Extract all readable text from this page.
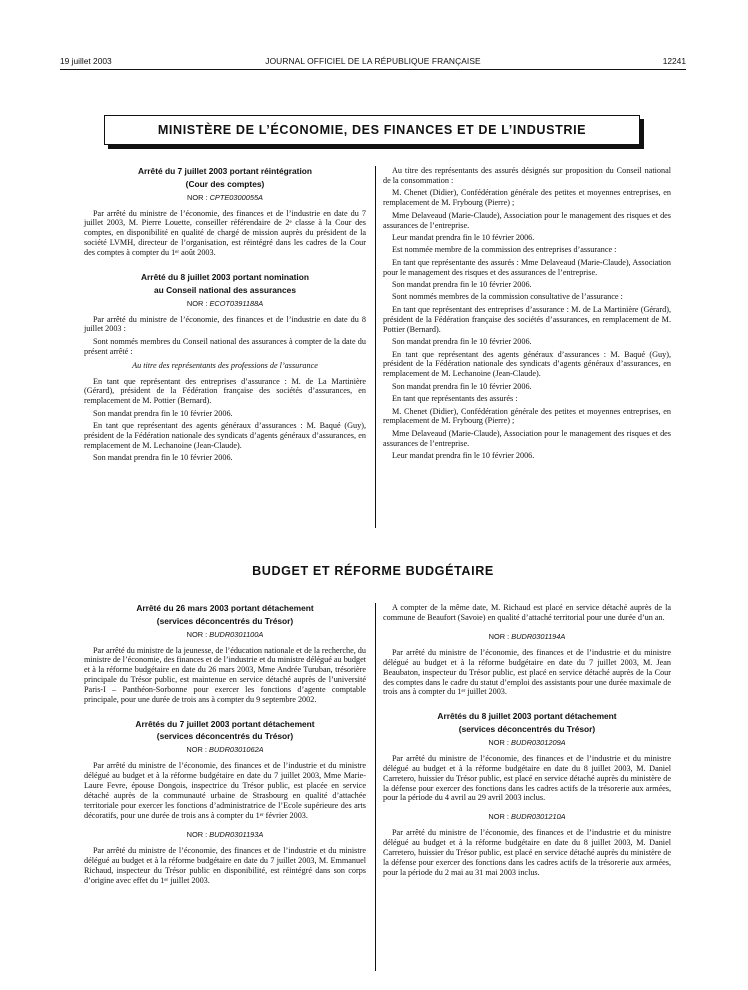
19 juillet 2003	JOURNAL OFFICIEL DE LA RÉPUBLIQUE FRANÇAISE	12241
MINISTÈRE DE L’ÉCONOMIE, DES FINANCES ET DE L’INDUSTRIE

Arrêté du 7 juillet 2003 portant réintégration

(Cour des comptes)

NOR : CPTE0300055A

Par arrêté du ministre de l’économie, des finances et de l’industrie en date du 7 juillet 2003, M. Pierre Louette, conseiller référendaire de 2ᵉ classe à la Cour des comptes, en disponibilité en qualité de chargé de mission auprès du président de la société LVMH, directeur de l’organisation, est réintégré dans les cadres de la Cour des comptes à compter du 1ᵉʳ août 2003.

Arrêté du 8 juillet 2003 portant nomination

au Conseil national des assurances

NOR : ECOT0391188A

Par arrêté du ministre de l’économie, des finances et de l’industrie en date du 8 juillet 2003 :

Sont nommés membres du Conseil national des assurances à compter de la date du présent arrêté :

Au titre des représentants des professions de l’assurance

En tant que représentant des entreprises d’assurance : M. de La Martinière (Gérard), président de la Fédération française des sociétés d’assurances, en remplacement de M. Pottier (Bernard).

Son mandat prendra fin le 10 février 2006.

En tant que représentant des agents généraux d’assurances : M. Baqué (Guy), président de la Fédération nationale des syndicats d’agents généraux d’assurances, en remplacement de M. Lechanoine (Jean-Claude).

Son mandat prendra fin le 10 février 2006.

Au titre des représentants des assurés désignés sur proposition du Conseil national de la consommation :

M. Chenet (Didier), Confédération générale des petites et moyennes entreprises, en remplacement de M. Frybourg (Pierre) ;

Mme Delaveaud (Marie-Claude), Association pour le management des risques et des assurances de l’entreprise.

Leur mandat prendra fin le 10 février 2006.

Est nommée membre de la commission des entreprises d’assurance :

En tant que représentante des assurés : Mme Delaveaud (Marie-Claude), Association pour le management des risques et des assurances de l’entreprise.

Son mandat prendra fin le 10 février 2006.

Sont nommés membres de la commission consultative de l’assurance :

En tant que représentant des entreprises d’assurance : M. de La Martinière (Gérard), président de la Fédération française des sociétés d’assurances, en remplacement de M. Pottier (Bernard).

Son mandat prendra fin le 10 février 2006.

En tant que représentant des agents généraux d’assurances : M. Baqué (Guy), président de la Fédération nationale des syndicats d’agents généraux d’assurances, en remplacement de M. Lechanoine (Jean-Claude).

Son mandat prendra fin le 10 février 2006.

En tant que représentants des assurés :

M. Chenet (Didier), Confédération générale des petites et moyennes entreprises, en remplacement de M. Frybourg (Pierre) ;

Mme Delaveaud (Marie-Claude), Association pour le management des risques et des assurances de l’entreprise.

Leur mandat prendra fin le 10 février 2006.

BUDGET ET RÉFORME BUDGÉTAIRE

Arrêté du 26 mars 2003 portant détachement

(services déconcentrés du Trésor)

NOR : BUDR0301100A

Par arrêté du ministre de la jeunesse, de l’éducation nationale et de la recherche, du ministre de l’économie, des finances et de l’industrie et du ministre délégué au budget et à la réforme budgétaire en date du 26 mars 2003, Mme Andrée Turuban, trésorière principale du Trésor public, est maintenue en service détaché auprès de l’université Paris-I – Panthéon-Sorbonne pour exercer les fonctions d’agente comptable principale, pour une durée de trois ans à compter du 9 septembre 2002.

Arrêtés du 7 juillet 2003 portant détachement

(services déconcentrés du Trésor)

NOR : BUDR0301062A

Par arrêté du ministre de l’économie, des finances et de l’industrie et du ministre délégué au budget et à la réforme budgétaire en date du 7 juillet 2003, Mme Marie-Laure Fevre, épouse Dongois, inspectrice du Trésor public, est placée en service détaché auprès de la communauté urbaine de Strasbourg en qualité d’attachée territoriale pour exercer les fonctions d’administratrice de l’Ecole supérieure des arts décoratifs, pour une durée de trois ans à compter du 1ᵉʳ février 2003.

NOR : BUDR0301193A

Par arrêté du ministre de l’économie, des finances et de l’industrie et du ministre délégué au budget et à la réforme budgétaire en date du 7 juillet 2003, M. Emmanuel Richaud, inspecteur du Trésor public en disponibilité, est réintégré dans son corps d’origine avec effet du 1ᵉʳ juillet 2003.

A compter de la même date, M. Richaud est placé en service détaché auprès de la commune de Beaufort (Savoie) en qualité d’attaché territorial pour une durée d’un an.

NOR : BUDR0301194A

Par arrêté du ministre de l’économie, des finances et de l’industrie et du ministre délégué au budget et à la réforme budgétaire en date du 7 juillet 2003, M. Jean Beaubaton, inspecteur du Trésor public, est placé en service détaché auprès de la Cour des comptes dans le cadre du statut d’emploi des assistants pour une durée maximale de trois ans à compter du 1ᵉʳ juillet 2003.

Arrêtés du 8 juillet 2003 portant détachement

(services déconcentrés du Trésor)

NOR : BUDR0301209A

Par arrêté du ministre de l’économie, des finances et de l’industrie et du ministre délégué au budget et à la réforme budgétaire en date du 8 juillet 2003, M. Daniel Carretero, huissier du Trésor public, est placé en service détaché auprès du ministère de la défense pour exercer des fonctions dans les cadres actifs de la trésorerie aux armées, pour la période du 4 avril au 29 avril 2003 inclus.

NOR : BUDR0301210A

Par arrêté du ministre de l’économie, des finances et de l’industrie et du ministre délégué au budget et à la réforme budgétaire en date du 8 juillet 2003, M. Daniel Carretero, huissier du Trésor public, est placé en service détaché auprès du ministère de la défense pour exercer des fonctions dans les cadres actifs de la trésorerie aux armées, pour la période du 2 mai au 31 mai 2003 inclus.
